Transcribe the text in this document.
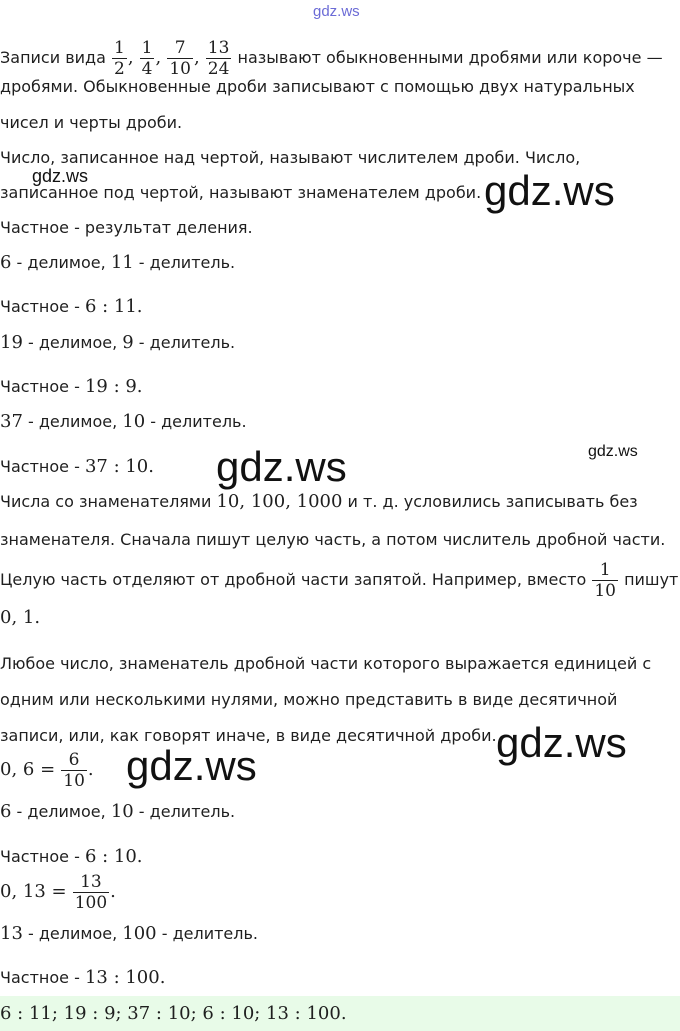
gdz.ws
Записи вида $\frac{1}{2}$ , $\frac{1}{4}$ , $\frac{7}{10}$ , $\frac{13}{24}$ называют обыкновенными дробями или короче —
дробями. Обыкновенные дроби записывают с помощью двух натуральных
чисел и черты дроби.
Число, записанное над чертой, называют числителем дроби. Число,
записанное под чертой, называют знаменателем дроби.
Частное - результат деления.
6 - делимое, 11 - делитель.
Частное - 6 : 11.
19 - делимое, 9 - делитель.
Частное - 19 : 9.
37 - делимое, 10 - делитель.
Частное - 37 : 10.
Числа со знаменателями 10, 100, 1000 и т. д. условились записывать без
знаменателя. Сначала пишут целую часть, а потом числитель дробной части.
Целую часть отделяют от дробной части запятой. Например, вместо $\frac{1}{10}$ пишут
0, 1.
Любое число, знаменатель дробной части которого выражается единицей с
одним или несколькими нулями, можно представить в виде десятичной
записи, или, как говорят иначе, в виде десятичной дроби.
0, $6 = \frac{6}{10}$ .
6 - делимое, 10 - делитель.
Частное - 6 : 10.
0, $13 = \frac{13}{100}$ .
13 - делимое, 100 - делитель.
Частное - 13 : 100.
6 : 11; 19 : 9; 37 : 10; 6 : 10; 13 : 100.
gdz.ws	gdz.ws
gdz.ws	gdz.ws
gdz.ws
gdz.ws
